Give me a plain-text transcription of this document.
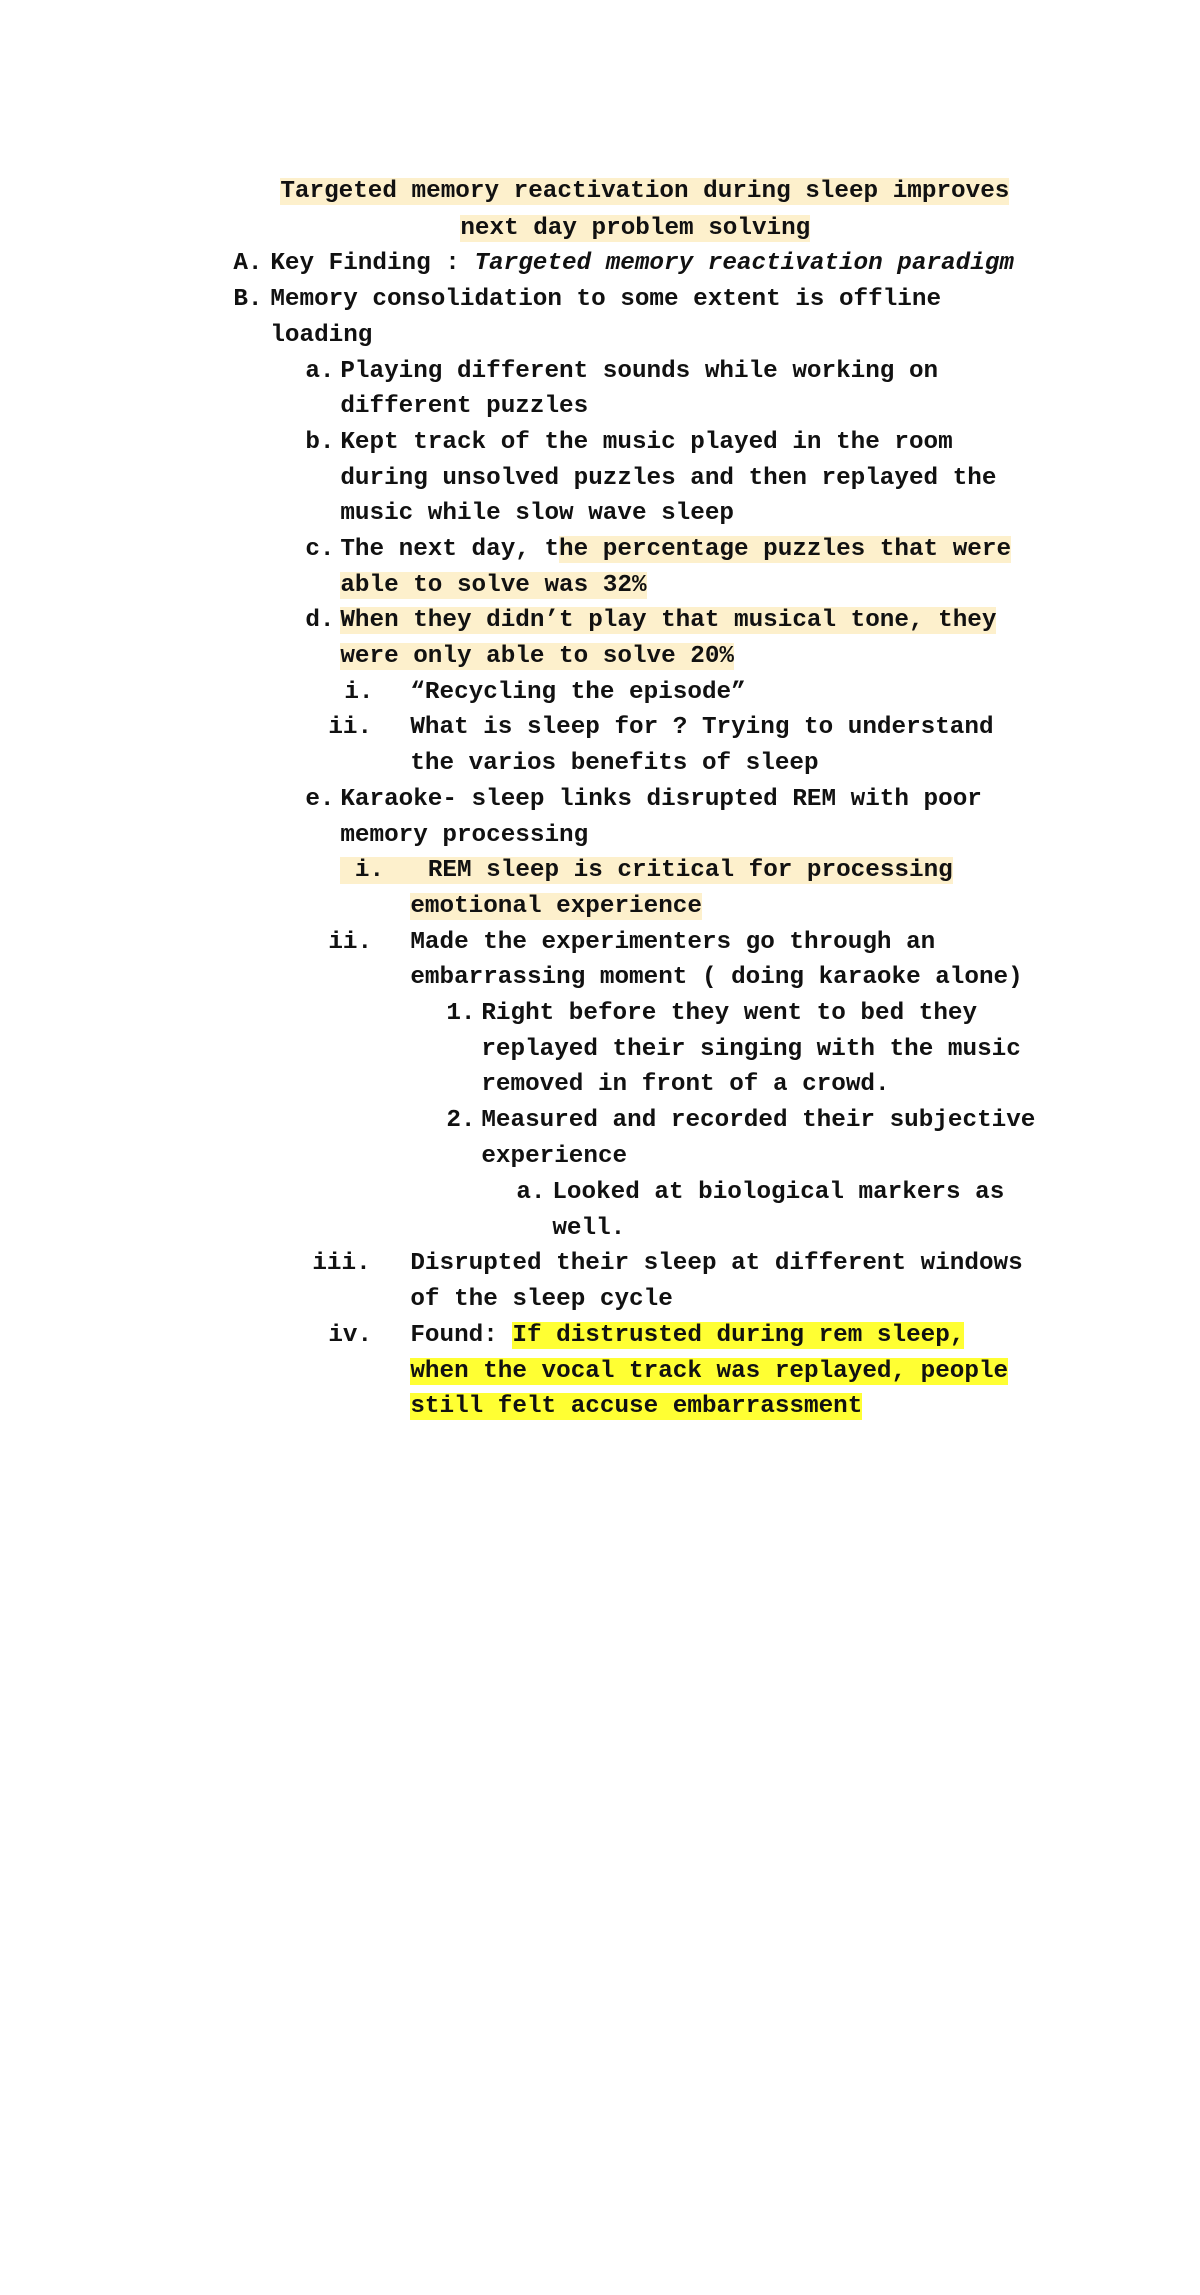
Targeted memory reactivation during sleep improves

next day problem solving

A.

Key Finding : Targeted memory reactivation paradigm

B.

Memory consolidation to some extent is offline

loading

a.

Playing different sounds while working on

different puzzles

b.

Kept track of the music played in the room

during unsolved puzzles and then replayed the

music while slow wave sleep

c.

The next day, the percentage puzzles that were

able to solve was 32%

d.

When they didn’t play that musical tone, they

were only able to solve 20%

i.

	“Recycling the episode”

ii.

	What is sleep for ? Trying to understand

the varios benefits of sleep

e.

Karaoke- sleep links disrupted REM with poor

memory processing

i. REM sleep is critical for processing

emotional experience

ii.

	Made the experimenters go through an

embarrassing moment ( doing karaoke alone)

1.

Right before they went to bed they

replayed their singing with the music

removed in front of a crowd.

2.

Measured and recorded their subjective

experience

a.

Looked at biological markers as

well.

iii.

	Disrupted their sleep at different windows

of the sleep cycle

iv.

	Found: If distrusted during rem sleep,

when the vocal track was replayed, people

still felt accuse embarrassment
